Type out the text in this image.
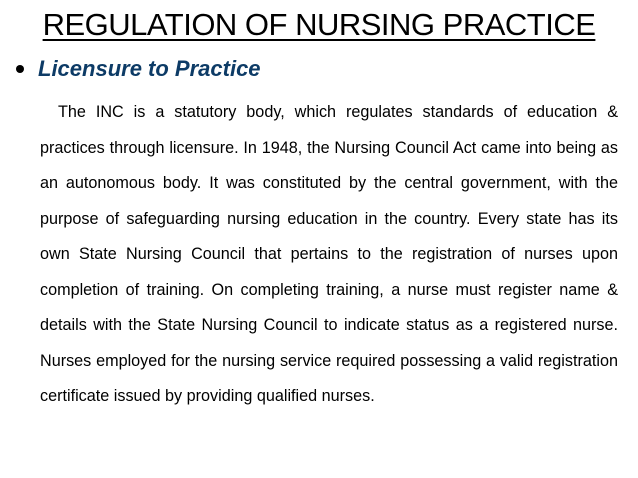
REGULATION OF NURSING PRACTICE
Licensure to Practice

The INC is a statutory body, which regulates standards of education & practices through licensure. In 1948, the Nursing Council Act came into being as an autonomous body. It was constituted by the central government, with the purpose of safeguarding nursing education in the country. Every state has its own State Nursing Council that pertains to the registration of nurses upon completion of training. On completing training, a nurse must register name & details with the State Nursing Council to indicate status as a registered nurse. Nurses employed for the nursing service required possessing a valid registration certificate issued by providing qualified nurses.
